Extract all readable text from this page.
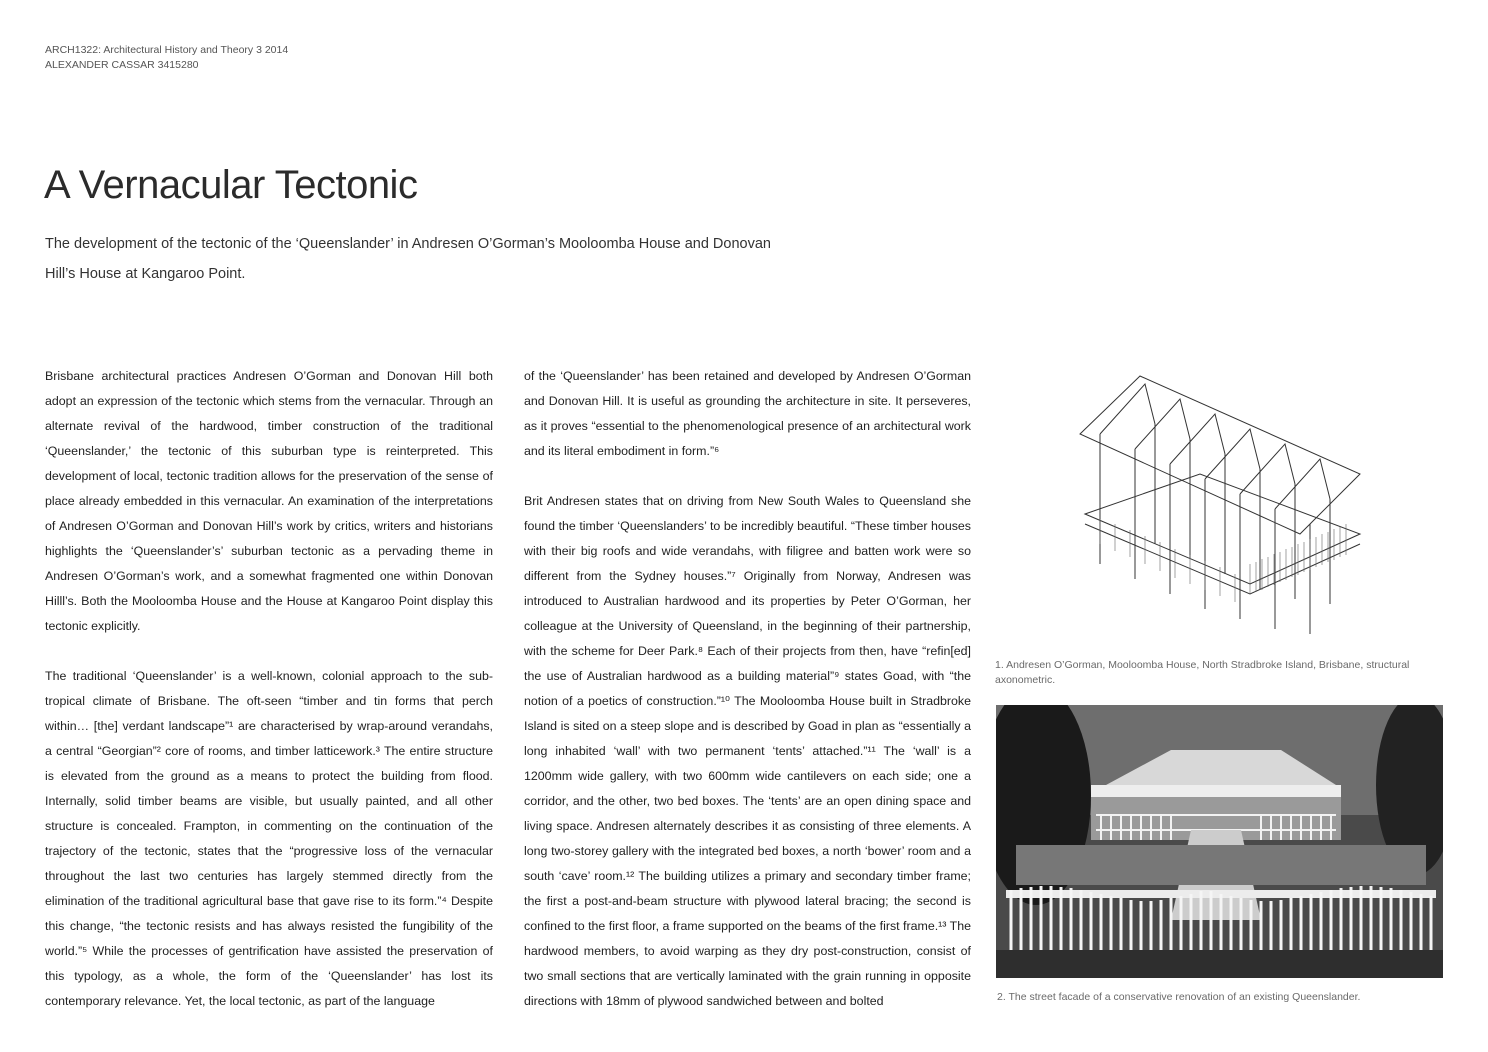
ARCH1322: Architectural History and Theory 3 2014
ALEXANDER CASSAR 3415280
A Vernacular Tectonic
The development of the tectonic of the ‘Queenslander’ in Andresen O’Gorman’s Mooloomba House and Donovan Hill’s House at Kangaroo Point.

Brisbane architectural practices Andresen O’Gorman and Donovan Hill both adopt an expression of the tectonic which stems from the vernacular. Through an alternate revival of the hardwood, timber construction of the traditional ‘Queenslander,’ the tectonic of this suburban type is reinterpreted. This development of local, tectonic tradition allows for the preservation of the sense of place already embedded in this vernacular. An examination of the interpretations of Andresen O’Gorman and Donovan Hill’s work by critics, writers and historians highlights the ‘Queenslander’s’ suburban tectonic as a pervading theme in Andresen O’Gorman’s work, and a somewhat fragmented one within Donovan Hilll’s. Both the Mooloomba House and the House at Kangaroo Point display this tectonic explicitly.

The traditional ‘Queenslander’ is a well-known, colonial approach to the sub-tropical climate of Brisbane. The oft-seen “timber and tin forms that perch within… [the] verdant landscape”¹ are characterised by wrap-around verandahs, a central “Georgian”² core of rooms, and timber latticework.³ The entire structure is elevated from the ground as a means to protect the building from flood. Internally, solid timber beams are visible, but usually painted, and all other structure is concealed. Frampton, in commenting on the continuation of the trajectory of the tectonic, states that the “progressive loss of the vernacular throughout the last two centuries has largely stemmed directly from the elimination of the traditional agricultural base that gave rise to its form.”⁴ Despite this change, “the tectonic resists and has always resisted the fungibility of the world.”⁵ While the processes of gentrification have assisted the preservation of this typology, as a whole, the form of the ‘Queenslander’ has lost its contemporary relevance. Yet, the local tectonic, as part of the language

of the ‘Queenslander’ has been retained and developed by Andresen O’Gorman and Donovan Hill. It is useful as grounding the architecture in site. It perseveres, as it proves “essential to the phenomenological presence of an architectural work and its literal embodiment in form.”⁶

Brit Andresen states that on driving from New South Wales to Queensland she found the timber ‘Queenslanders’ to be incredibly beautiful. “These timber houses with their big roofs and wide verandahs, with filigree and batten work were so different from the Sydney houses.”⁷ Originally from Norway, Andresen was introduced to Australian hardwood and its properties by Peter O’Gorman, her colleague at the University of Queensland, in the beginning of their partnership, with the scheme for Deer Park.⁸ Each of their projects from then, have “refin[ed] the use of Australian hardwood as a building material”⁹ states Goad, with “the notion of a poetics of construction.”¹⁰ The Mooloomba House built in Stradbroke Island is sited on a steep slope and is described by Goad in plan as “essentially a long inhabited ‘wall’ with two permanent ‘tents’ attached.”¹¹ The ‘wall’ is a 1200mm wide gallery, with two 600mm wide cantilevers on each side; one a corridor, and the other, two bed boxes. The ‘tents’ are an open dining space and living space. Andresen alternately describes it as consisting of three elements. A long two-storey gallery with the integrated bed boxes, a north ‘bower’ room and a south ‘cave’ room.¹² The building utilizes a primary and secondary timber frame; the first a post-and-beam structure with plywood lateral bracing; the second is confined to the first floor, a frame supported on the beams of the first frame.¹³ The hardwood members, to avoid warping as they dry post-construction, consist of two small sections that are vertically laminated with the grain running in opposite directions with 18mm of plywood sandwiched between and bolted

1. Andresen O’Gorman, Mooloomba House, North Stradbroke Island, Brisbane, structural axonometric.
2. The street facade of a conservative renovation of an existing Queenslander.
